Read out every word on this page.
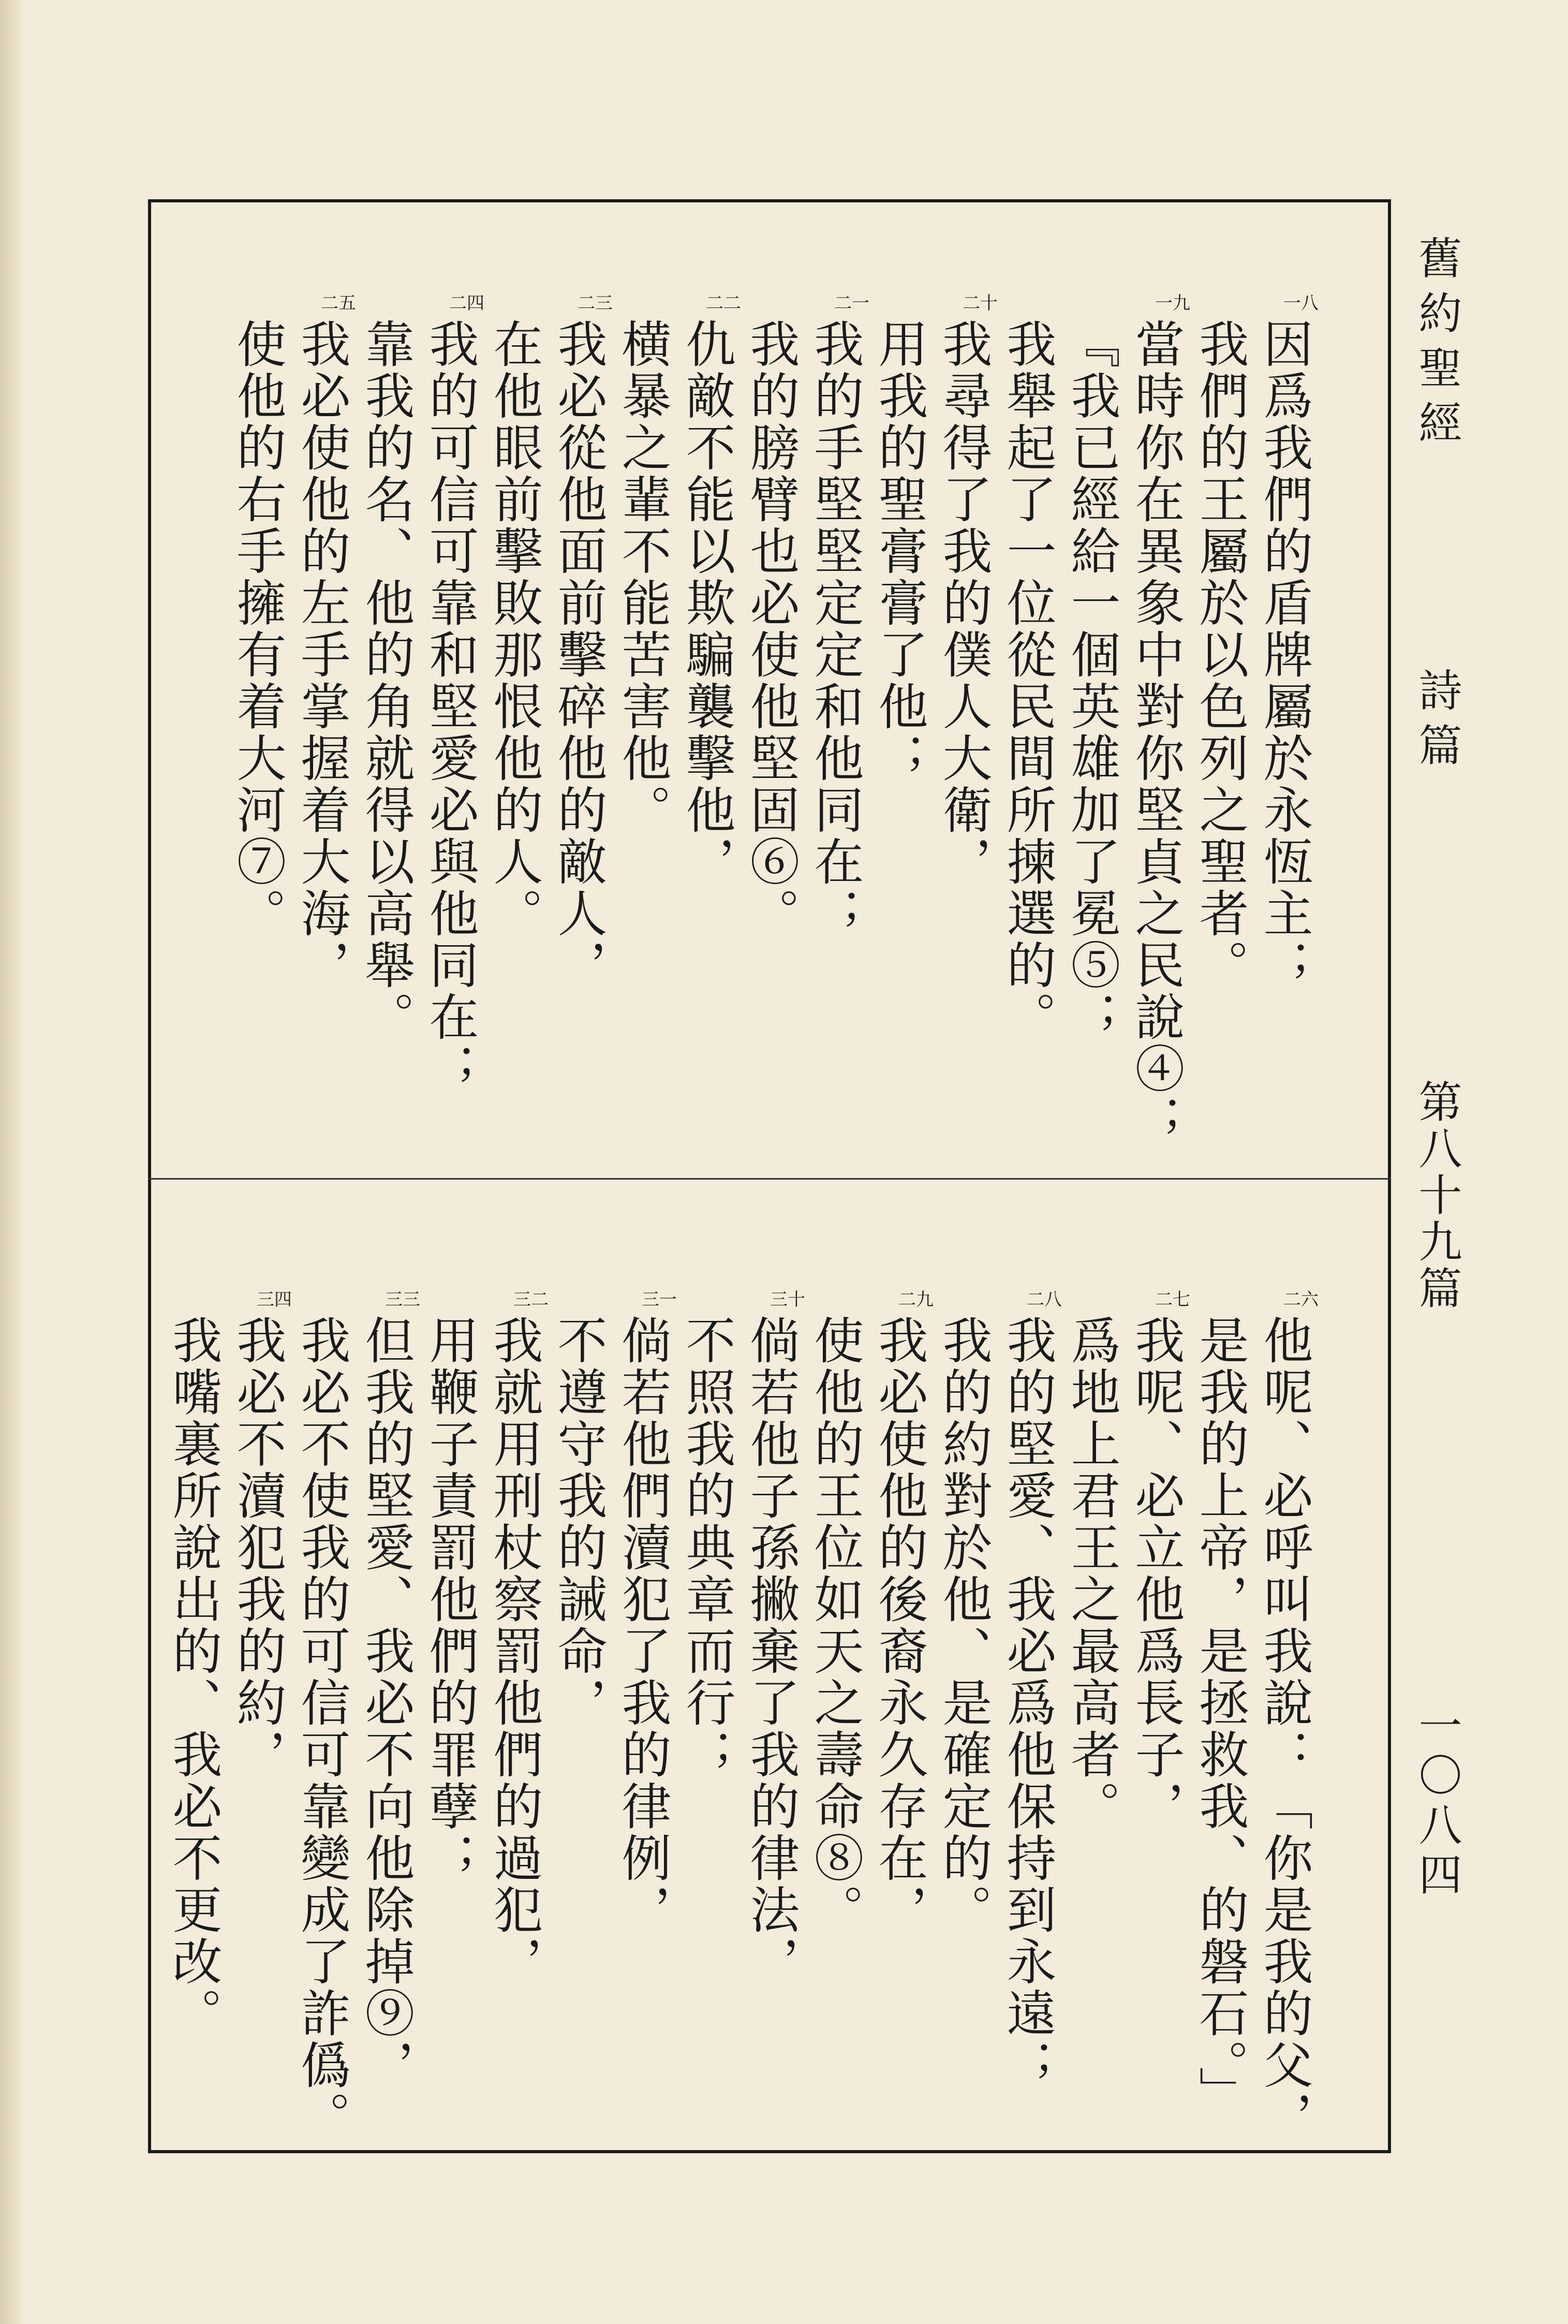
舊約聖經
詩篇
第八十九篇
一〇八四
因爲我們的盾牌屬於永恆主；
一八
我們的王屬於以色列之聖者。
當時你在異象中對你堅貞之民說④；
一九
『我已經給一個英雄加了冕⑤；
我舉起了一位從民間所揀選的。
我尋得了我的僕人大衛，
二十
用我的聖膏膏了他；
我的手堅堅定定和他同在；
二一
我的膀臂也必使他堅固⑥。
仇敵不能以欺騙襲擊他，
二二
横暴之輩不能苦害他。
我必從他面前擊碎他的敵人，
二三
在他眼前擊敗那恨他的人。
我的可信可靠和堅愛必與他同在；
二四
靠我的名、他的角就得以高舉。
我必使他的左手掌握着大海，
二五
使他的右手擁有着大河⑦。
他呢、必呼叫我說：「你是我的父，
二六
是我的上帝，是拯救我、的磐石。」
我呢、必立他爲長子，
二七
爲地上君王之最高者。
我的堅愛、我必爲他保持到永遠；
二八
我的約對於他、是確定的。
我必使他的後裔永久存在，
二九
使他的王位如天之壽命⑧。
倘若他子孫撇棄了我的律法，
三十
不照我的典章而行；
倘若他們瀆犯了我的律例，
三一
不遵守我的誡命，
我就用刑杖察罰他們的過犯，
三二
用鞭子責罰他們的罪孽；
但我的堅愛、我必不向他除掉⑨，
三三
我必不使我的可信可靠變成了詐僞。
我必不瀆犯我的約，
三四
我嘴裏所說出的、我必不更改。
